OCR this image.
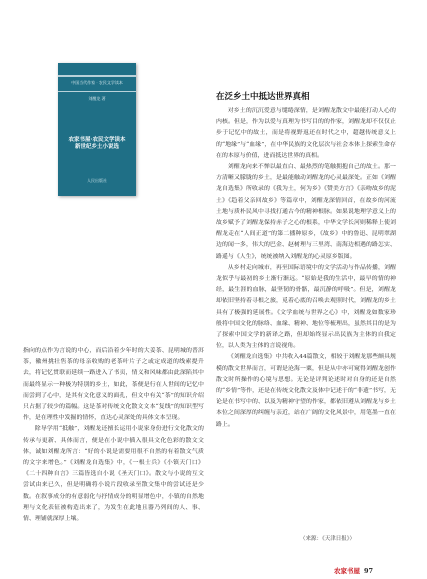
中国当代作家 · 农民文学读本
刘醒龙 著
农家书屋·农民文学读本 新世纪乡土小说选
人民出版社
在泛乡土中抵达世界真相

对乡土的沉沉爱意与缱绻深情，是刘醒龙散文中最能打动人心的内核。但是，作为以爱与真理为书写目的的作家，刘醒龙却不仅仅止步于记忆中的故土，而是将视野返还在时代之中，超越传统意义上的“地缘”与“血缘”，在中华民族的文化层次与社会本体上探索生命存在的本原与价值，进而抵达世界的真相。

刘醒龙向来不惮以最直白、最热烈的笔触拥抱自己的故土。那一方清晰又朦胧的乡土，是最能触动刘醒龙的心灵最深处。正如《刘醒龙自选集》所收录的《我为土，何为乡》《赞美方言》《亲吻故乡的泥土》《趋着父亲回故乡》等篇章中，刘醒龙深情回首，在故乡的河流土地与质朴民风中寻找打通古今的精神根脉。如果说地理学意义上的故乡赋予了刘醒龙保持赤子之心的根系，中华文学长河则稀释上使刘醒龙走在“人间正道”的第二播种原乡，《故乡》中的鲁迅、昆明翠湖边的闻一多，伟大的巴金、赵树理与三里湾、南海边相遇的路怎实、路遥与《人生》，统统被纳入刘醒龙的心灵原乡版图。

从乡村走向城市，再至国际语境中的文学活动与作品传播，刘醒龙似乎与最初的乡土渐行渐远。“原始是我的生活中，最早的情的神经，最生涯的血脉，最坚韧的骨骼，最沉静的呼吸”。但是，刘醒龙却依旧坚持着寻根之旅，觅着心底的召唤去观照时代，刘醒龙的乡土具有了极强的延展性。《文学血统与世界之心》中，刘醒龙如数家珍般将中国文化的脉络、血缘、精神、地位等梳理出，虽然其目的是为了探索中国文学的新译之路，但却始终显示出民族为主体的自我定位，以人类为主体的言说视角。

《刘醒龙自选集》中共收入44篇散文，相较于刘醒龙那些颇具规模的散文世界而言，可谓是沧海一粟，但是从中亦可窥得刘醒龙创作散文时所操作的心境与思想。无论是评判论述时对自身的还是自然的“乡情”等作，还是在传统文化散文及体中记述于的“非遗”书写，无论是在书写中的、以及为精神守望的作家，都依旧遵从刘醒龙与乡土本位之间深厚的纠缠与亲近，站在广阔的文化风景中，用笔墨一直在路上。

指向的点作为言说的中心，而后沿着少年时的大姜茶、昆明城的普洱茶，徽州挑壮售茶的母亲收购的老茶叶片子之或定成道的线索提升去，将记忆贯联而延续一路进入了书页，情义和风味都由此深陷其中而最终显示一种极为特别的乡土，如此，茶便是行在人世间的记忆中而尝到了心中，是其有文化意义的面孔，但文中有关“茶”的知识介绍只占据了较少的篇幅。这是茶对传统文化散文文本“复线”的知识型写作，是在理性中发掘的情怀，直达心灵深处的具体文本呈现。

除导学用“抵触”，刘醒龙还擅长运用小说家身份进行文化散文的传承与更新、具体而言，便是在小说中插入很具文化色彩的散文文体，诚如刘醒龙所言：“好的小说是需要用很不自然的有着散文气质的文字来增色。”《刘醒龙自选集》中，《一根士兵》《小镇天门口》《二十四种自言》三篇皆选自小说《圣天门口》。散文与小说的互文尝试由来已久，但是明确将小说片段收录至散文集中的尝试还是少数。在叙事成分的有意弱化与抒情成分的明显增色中，小镇的自然地理与文化表征被构造出来了，为发生在此地且器乃列间的人、事、情、理铺就深厚上壤。

（来源：《天津日报》）
农家书屋 97
